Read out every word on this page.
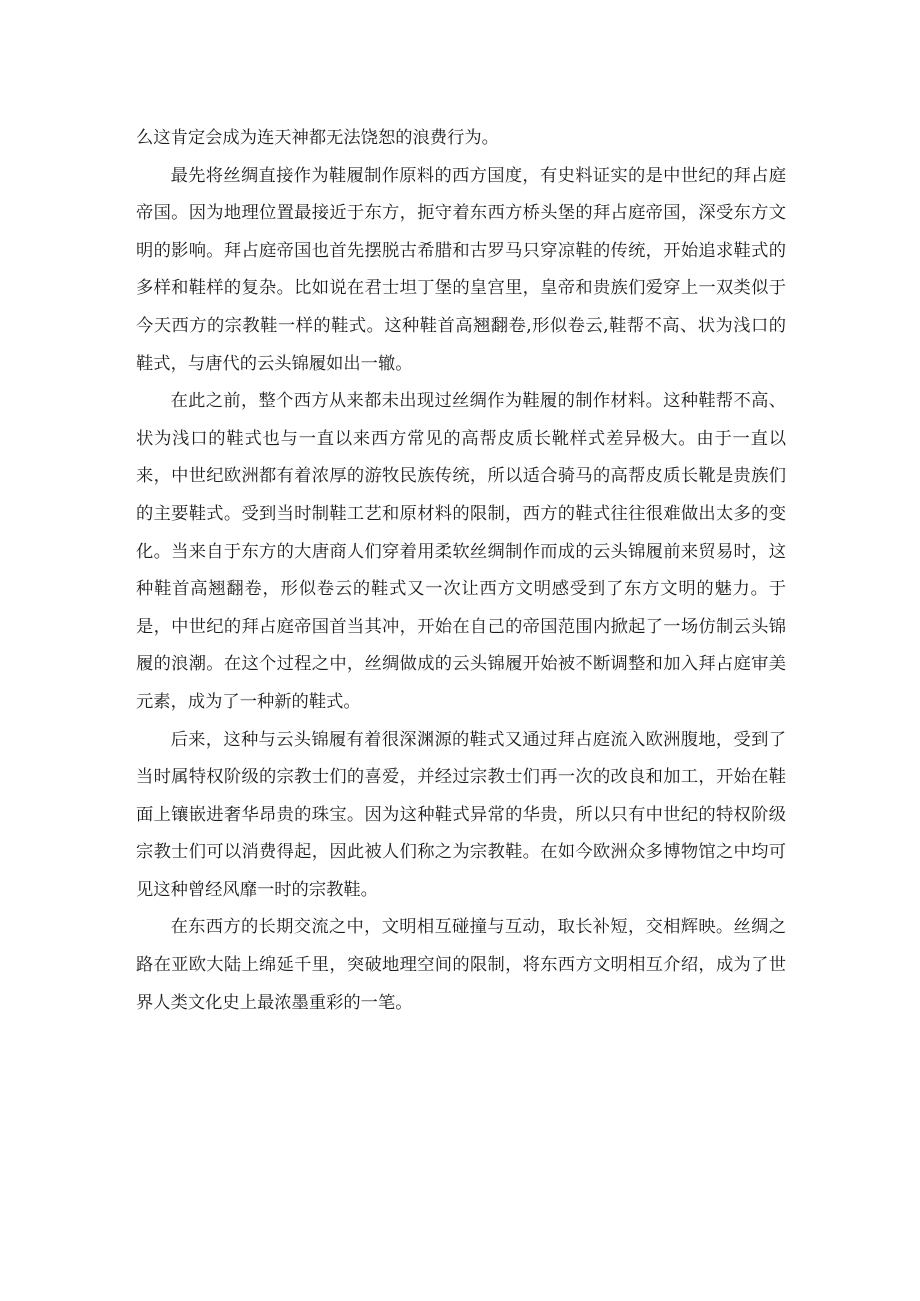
么这肯定会成为连天神都无法饶恕的浪费行为。

最先将丝绸直接作为鞋履制作原料的西方国度，有史料证实的是中世纪的拜占庭帝国。因为地理位置最接近于东方，扼守着东西方桥头堡的拜占庭帝国，深受东方文明的影响。拜占庭帝国也首先摆脱古希腊和古罗马只穿凉鞋的传统，开始追求鞋式的多样和鞋样的复杂。比如说在君士坦丁堡的皇宫里，皇帝和贵族们爱穿上一双类似于今天西方的宗教鞋一样的鞋式。这种鞋首高翘翻卷,形似卷云,鞋帮不高、状为浅口的鞋式，与唐代的云头锦履如出一辙。

在此之前，整个西方从来都未出现过丝绸作为鞋履的制作材料。这种鞋帮不高、状为浅口的鞋式也与一直以来西方常见的高帮皮质长靴样式差异极大。由于一直以来，中世纪欧洲都有着浓厚的游牧民族传统，所以适合骑马的高帮皮质长靴是贵族们的主要鞋式。受到当时制鞋工艺和原材料的限制，西方的鞋式往往很难做出太多的变化。当来自于东方的大唐商人们穿着用柔软丝绸制作而成的云头锦履前来贸易时，这种鞋首高翘翻卷，形似卷云的鞋式又一次让西方文明感受到了东方文明的魅力。于是，中世纪的拜占庭帝国首当其冲，开始在自己的帝国范围内掀起了一场仿制云头锦履的浪潮。在这个过程之中，丝绸做成的云头锦履开始被不断调整和加入拜占庭审美元素，成为了一种新的鞋式。

后来，这种与云头锦履有着很深渊源的鞋式又通过拜占庭流入欧洲腹地，受到了当时属特权阶级的宗教士们的喜爱，并经过宗教士们再一次的改良和加工，开始在鞋面上镶嵌进奢华昂贵的珠宝。因为这种鞋式异常的华贵，所以只有中世纪的特权阶级宗教士们可以消费得起，因此被人们称之为宗教鞋。在如今欧洲众多博物馆之中均可见这种曾经风靡一时的宗教鞋。

在东西方的长期交流之中，文明相互碰撞与互动，取长补短，交相辉映。丝绸之路在亚欧大陆上绵延千里，突破地理空间的限制，将东西方文明相互介绍，成为了世界人类文化史上最浓墨重彩的一笔。
